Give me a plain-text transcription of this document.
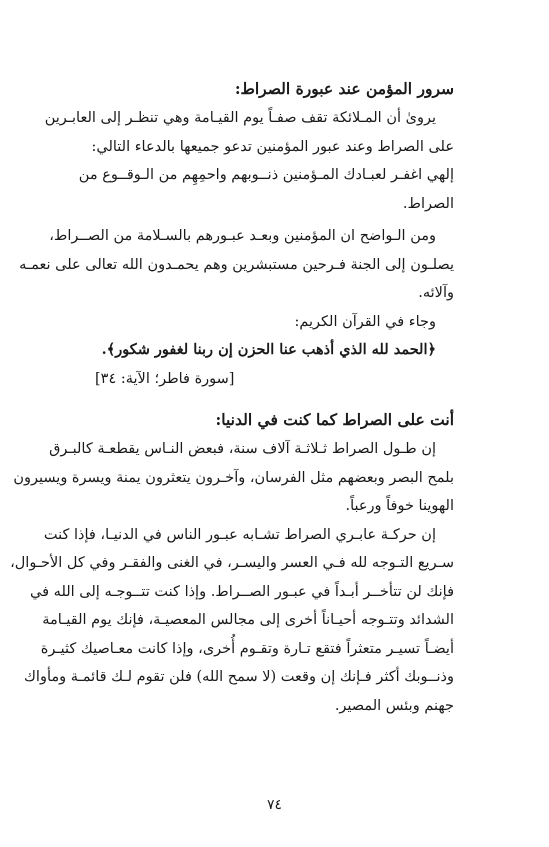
سرور المؤمن عند عبورة الصراط:
يروىٰ أن المـلائكة تقف صفـاً يوم القيـامة وهي تنظـر إلى العابـرين
على الصراط وعند عبور المؤمنين تدعو جميعها بالدعاء التالي:
إلهي اغفـر لعبـادك المـؤمنين ذنــوبهم واحمِهِم من الـوقــوع من
الصراط.
ومن الـواضح ان المؤمنين وبعـد عبـورهم بالسـلامة من الصــراط،
يصلـون إلى الجنة فـرحين مستبشرين وهم يحمـدون الله تعالى على نعمـه
وآلائه.
وجاء في القرآن الكريم:
﴿الحمد لله الذي أذهب عنا الحزن إن ربنا لغفور شكور﴾.
[سورة فاطر؛ الآية: ٣٤]
أنت على الصراط كما كنت في الدنيا:
إن طـول الصراط ثـلاثـة آلاف سنة، فبعض النـاس يقطعـة كالبـرق
بلمح البصر وبعضهم مثل الفرسان، وآخـرون يتعثرون يمنة ويسرة ويسيرون
الهوينا خوفاً ورعباً.
إن حركـة عابـري الصراط تشـابه عبـور الناس في الدنيـا، فإذا كنت
سـريع التـوجه لله فـي العسر واليسـر، في الغنى والفقـر وفي كل الأحـوال،
فإنك لن تتأخــر أبـداً في عبـور الصــراط. وإذا كنت تتــوجـه إلى الله في
الشدائد وتتـوجه أحيـاناً أخرى إلى مجالس المعصيـة، فإنك يوم القيـامة
أيضـاً تسيـر متعثراً فتقع تـارة وتقـوم أُخرى، وإذا كانت معـاصيك كثيـرة
وذنــوبك أكثر فـإنك إن وقعت (لا سمح الله) فلن تقوم لـك قائمـة ومأواك
جهنم وبئس المصير.
٧٤
